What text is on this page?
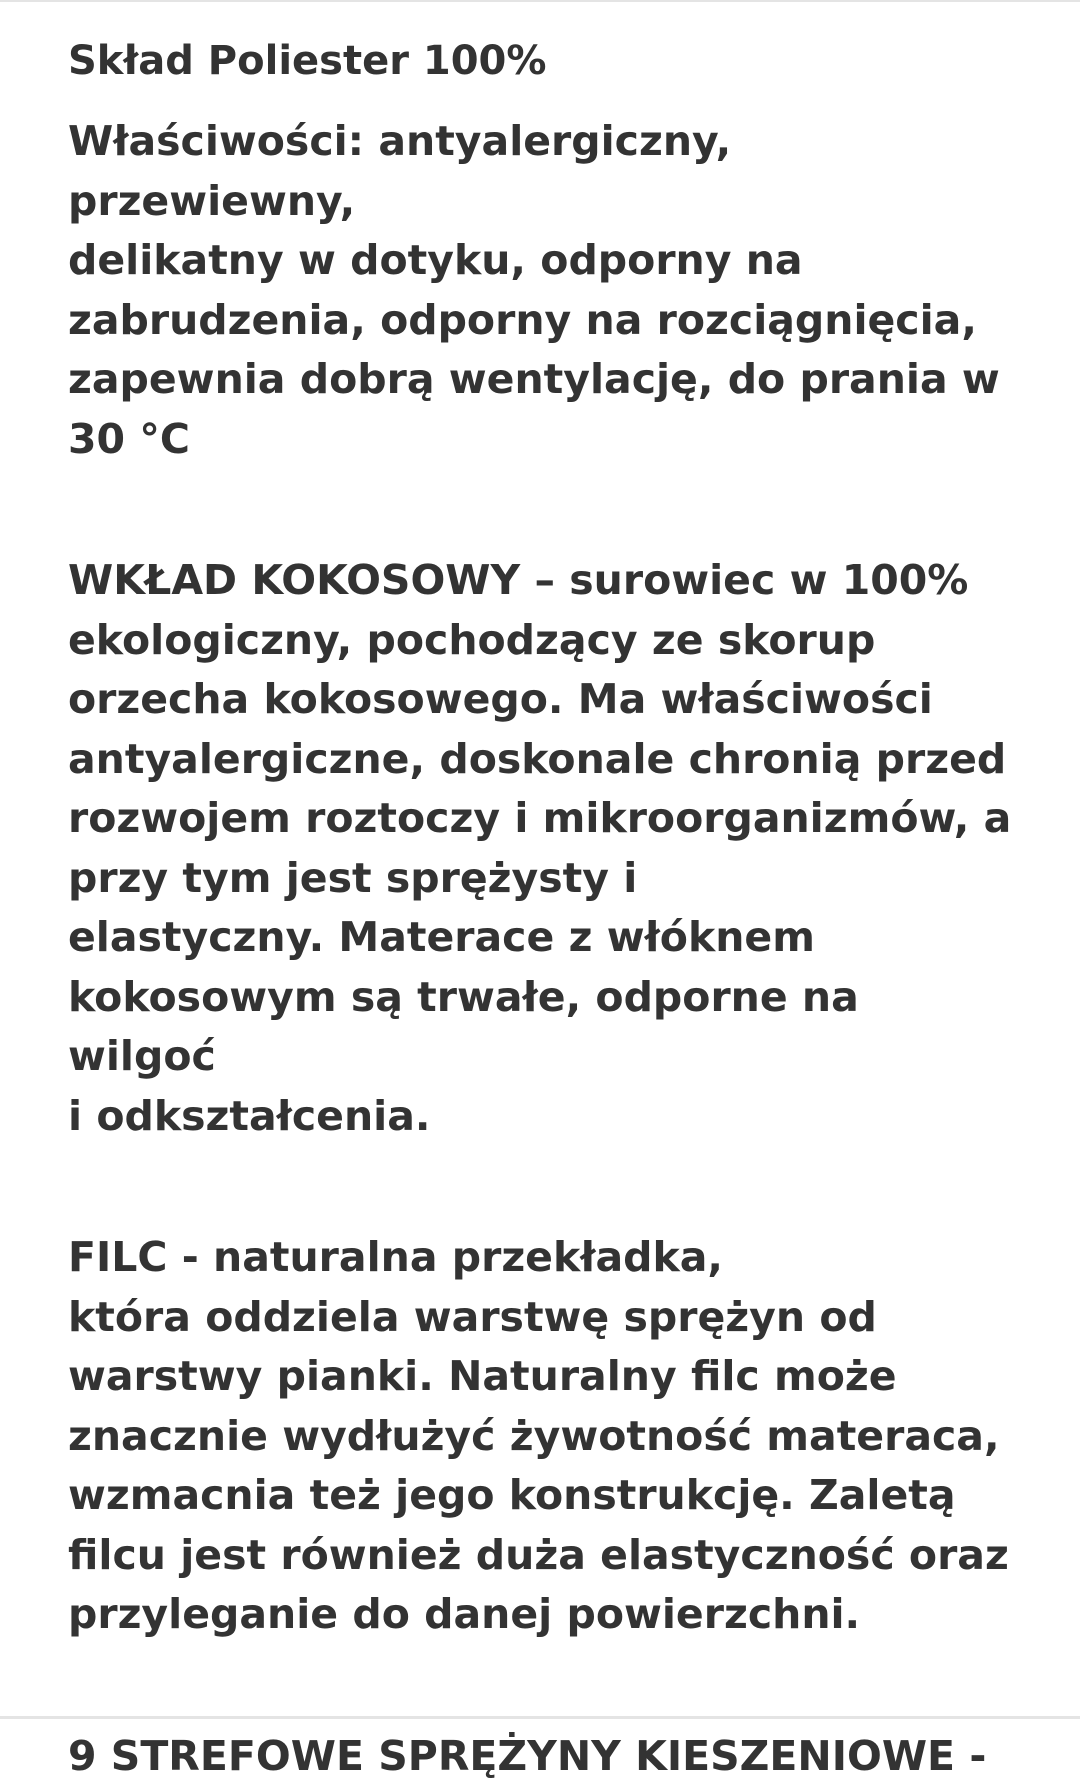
Skład Poliester 100%

Właściwości: antyalergiczny, przewiewny,
delikatny w dotyku, odporny na
zabrudzenia, odporny na rozciągnięcia,
zapewnia dobrą wentylację, do prania w
30 °C

WKŁAD KOKOSOWY – surowiec w 100%
ekologiczny, pochodzący ze skorup
orzecha kokosowego. Ma właściwości
antyalergiczne, doskonale chronią przed
rozwojem roztoczy i mikroorganizmów, a
przy tym jest sprężysty i
elastyczny. Materace z włóknem
kokosowym są trwałe, odporne na wilgoć
i odkształcenia.

FILC - naturalna przekładka,
która oddziela warstwę sprężyn od
warstwy pianki. Naturalny filc może
znacznie wydłużyć żywotność materaca,
wzmacnia też jego konstrukcję. Zaletą
filcu jest również duża elastyczność oraz
przyleganie do danej powierzchni.

9 STREFOWE SPRĘŻYNY KIESZENIOWE -
